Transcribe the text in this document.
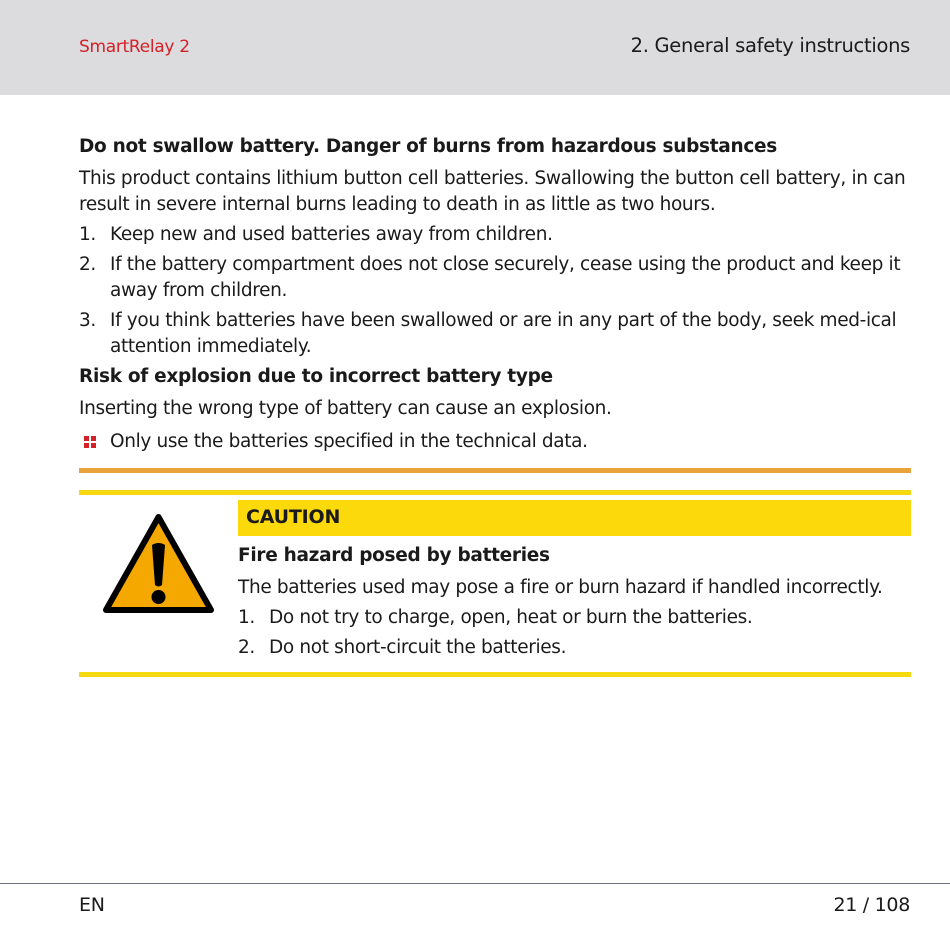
SmartRelay 2	2. General safety instructions
Do not swallow battery. Danger of burns from hazardous substances
This product contains lithium button cell batteries. Swallowing the button cell battery, in can result in severe internal burns leading to death in as little as two hours.
1. Keep new and used batteries away from children.
2. If the battery compartment does not close securely, cease using the product and keep it away from children.
3. If you think batteries have been swallowed or are in any part of the body, seek med-ical attention immediately.
Risk of explosion due to incorrect battery type
Inserting the wrong type of battery can cause an explosion.
Only use the batteries specified in the technical data.
CAUTION
Fire hazard posed by batteries
The batteries used may pose a fire or burn hazard if handled incorrectly.
1. Do not try to charge, open, heat or burn the batteries.
2. Do not short-circuit the batteries.
EN	21 / 108
